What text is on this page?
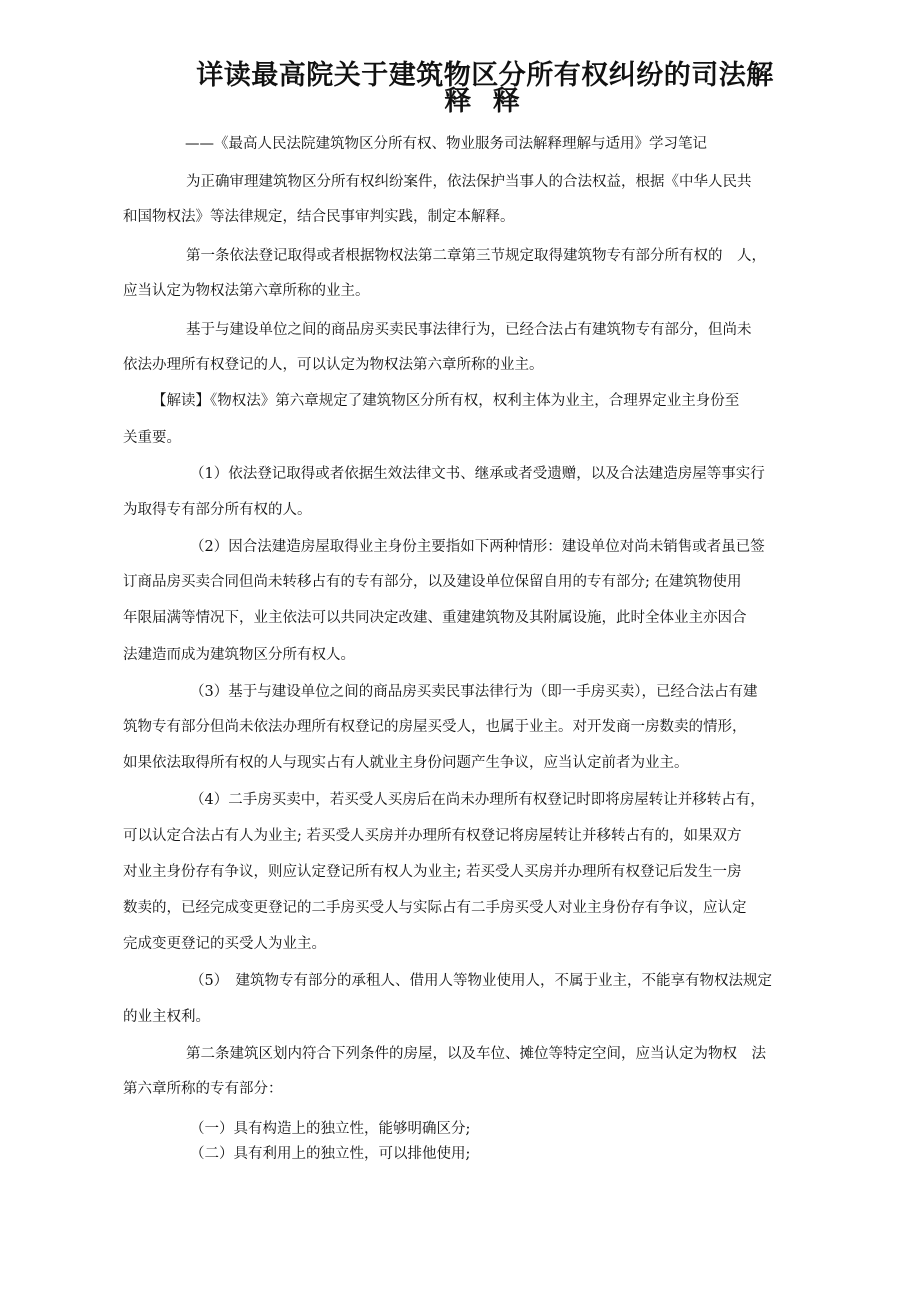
详读最高院关于建筑物区分所有权纠纷的司法解
释 释
——《最高人民法院建筑物区分所有权、物业服务司法解释理解与适用》学习笔记
为正确审理建筑物区分所有权纠纷案件，依法保护当事人的合法权益，根据《中华人民共
和国物权法》等法律规定，结合民事审判实践，制定本解释。
第一条依法登记取得或者根据物权法第二章第三节规定取得建筑物专有部分所有权的　人，
应当认定为物权法第六章所称的业主。
基于与建设单位之间的商品房买卖民事法律行为，已经合法占有建筑物专有部分，但尚未
依法办理所有权登记的人，可以认定为物权法第六章所称的业主。
【解读】《物权法》第六章规定了建筑物区分所有权，权利主体为业主，合理界定业主身份至
关重要。
（1）依法登记取得或者依据生效法律文书、继承或者受遗赠，以及合法建造房屋等事实行
为取得专有部分所有权的人。
（2）因合法建造房屋取得业主身份主要指如下两种情形：建设单位对尚未销售或者虽已签
订商品房买卖合同但尚未转移占有的专有部分，以及建设单位保留自用的专有部分; 在建筑物使用
年限届满等情况下，业主依法可以共同决定改建、重建建筑物及其附属设施，此时全体业主亦因合
法建造而成为建筑物区分所有权人。
（3）基于与建设单位之间的商品房买卖民事法律行为（即一手房买卖），已经合法占有建
筑物专有部分但尚未依法办理所有权登记的房屋买受人，也属于业主。对开发商一房数卖的情形，
如果依法取得所有权的人与现实占有人就业主身份问题产生争议，应当认定前者为业主。
（4）二手房买卖中，若买受人买房后在尚未办理所有权登记时即将房屋转让并移转占有，
可以认定合法占有人为业主; 若买受人买房并办理所有权登记将房屋转让并移转占有的，如果双方
对业主身份存有争议，则应认定登记所有权人为业主; 若买受人买房并办理所有权登记后发生一房
数卖的，已经完成变更登记的二手房买受人与实际占有二手房买受人对业主身份存有争议，应认定
完成变更登记的买受人为业主。
（5）　建筑物专有部分的承租人、借用人等物业使用人，不属于业主，不能享有物权法规定
的业主权利。
第二条建筑区划内符合下列条件的房屋，以及车位、摊位等特定空间，应当认定为物权　法
第六章所称的专有部分：
（一）具有构造上的独立性，能够明确区分;
（二）具有利用上的独立性，可以排他使用;
